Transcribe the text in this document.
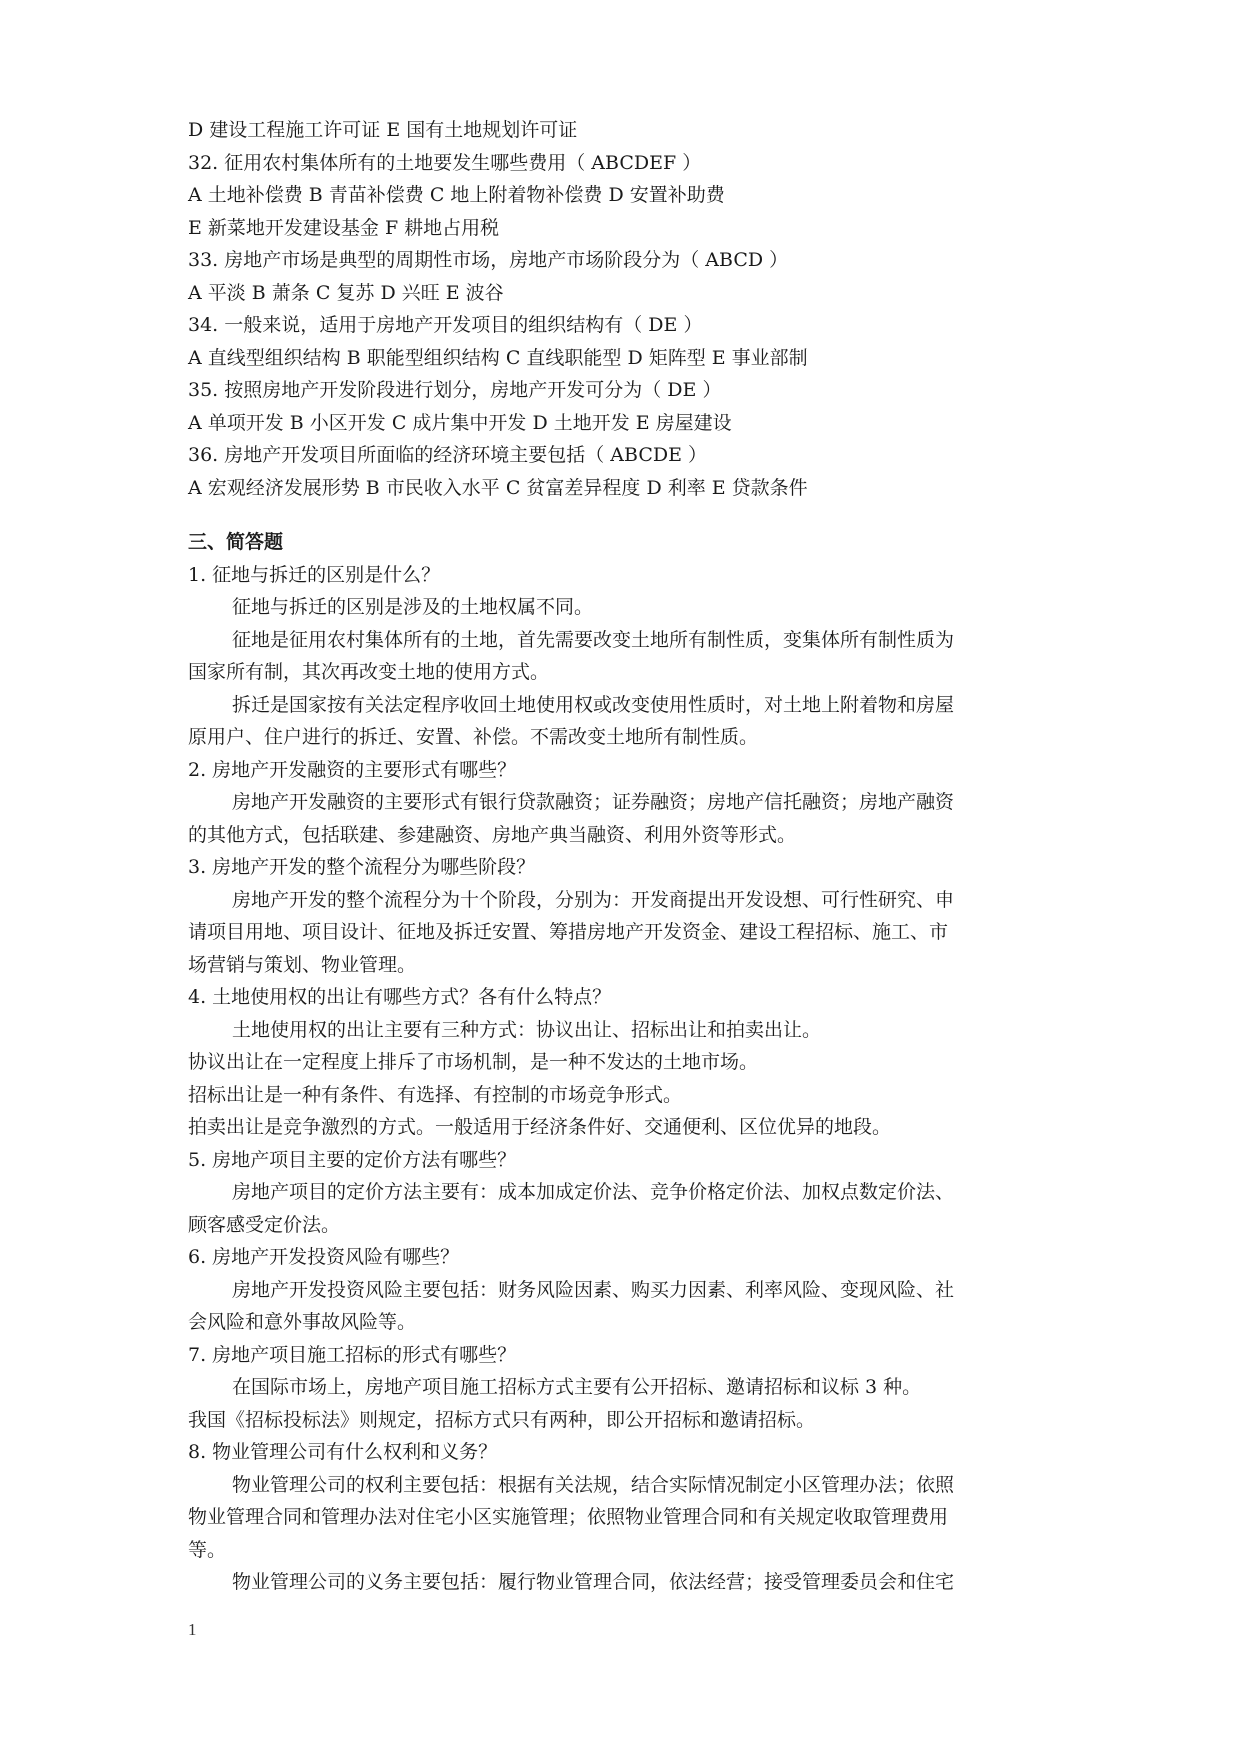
D 建设工程施工许可证 E 国有土地规划许可证
32. 征用农村集体所有的土地要发生哪些费用（ ABCDEF ）
A 土地补偿费 B 青苗补偿费 C 地上附着物补偿费 D 安置补助费
E 新菜地开发建设基金 F 耕地占用税
33. 房地产市场是典型的周期性市场，房地产市场阶段分为（ ABCD ）
A 平淡 B 萧条 C 复苏 D 兴旺 E 波谷
34. 一般来说，适用于房地产开发项目的组织结构有（ DE ）
A 直线型组织结构 B 职能型组织结构 C 直线职能型 D 矩阵型 E 事业部制
35. 按照房地产开发阶段进行划分，房地产开发可分为（ DE ）
A 单项开发 B 小区开发 C 成片集中开发 D 土地开发 E 房屋建设
36. 房地产开发项目所面临的经济环境主要包括（ ABCDE ）
A 宏观经济发展形势 B 市民收入水平 C 贫富差异程度 D 利率 E 贷款条件
三、简答题
1. 征地与拆迁的区别是什么？
征地与拆迁的区别是涉及的土地权属不同。
征地是征用农村集体所有的土地，首先需要改变土地所有制性质，变集体所有制性质为
国家所有制，其次再改变土地的使用方式。
拆迁是国家按有关法定程序收回土地使用权或改变使用性质时，对土地上附着物和房屋
原用户、住户进行的拆迁、安置、补偿。不需改变土地所有制性质。
2. 房地产开发融资的主要形式有哪些？
房地产开发融资的主要形式有银行贷款融资；证券融资；房地产信托融资；房地产融资
的其他方式，包括联建、参建融资、房地产典当融资、利用外资等形式。
3. 房地产开发的整个流程分为哪些阶段？
房地产开发的整个流程分为十个阶段，分别为：开发商提出开发设想、可行性研究、申
请项目用地、项目设计、征地及拆迁安置、筹措房地产开发资金、建设工程招标、施工、市
场营销与策划、物业管理。
4. 土地使用权的出让有哪些方式？各有什么特点？
土地使用权的出让主要有三种方式：协议出让、招标出让和拍卖出让。
协议出让在一定程度上排斥了市场机制，是一种不发达的土地市场。
招标出让是一种有条件、有选择、有控制的市场竞争形式。
拍卖出让是竞争激烈的方式。一般适用于经济条件好、交通便利、区位优异的地段。
5. 房地产项目主要的定价方法有哪些？
房地产项目的定价方法主要有：成本加成定价法、竞争价格定价法、加权点数定价法、
顾客感受定价法。
6. 房地产开发投资风险有哪些？
房地产开发投资风险主要包括：财务风险因素、购买力因素、利率风险、变现风险、社
会风险和意外事故风险等。
7. 房地产项目施工招标的形式有哪些？
在国际市场上，房地产项目施工招标方式主要有公开招标、邀请招标和议标 3 种。
我国《招标投标法》则规定，招标方式只有两种，即公开招标和邀请招标。
8. 物业管理公司有什么权利和义务？
物业管理公司的权利主要包括：根据有关法规，结合实际情况制定小区管理办法；依照
物业管理合同和管理办法对住宅小区实施管理；依照物业管理合同和有关规定收取管理费用
等。
物业管理公司的义务主要包括：履行物业管理合同，依法经营；接受管理委员会和住宅
1
